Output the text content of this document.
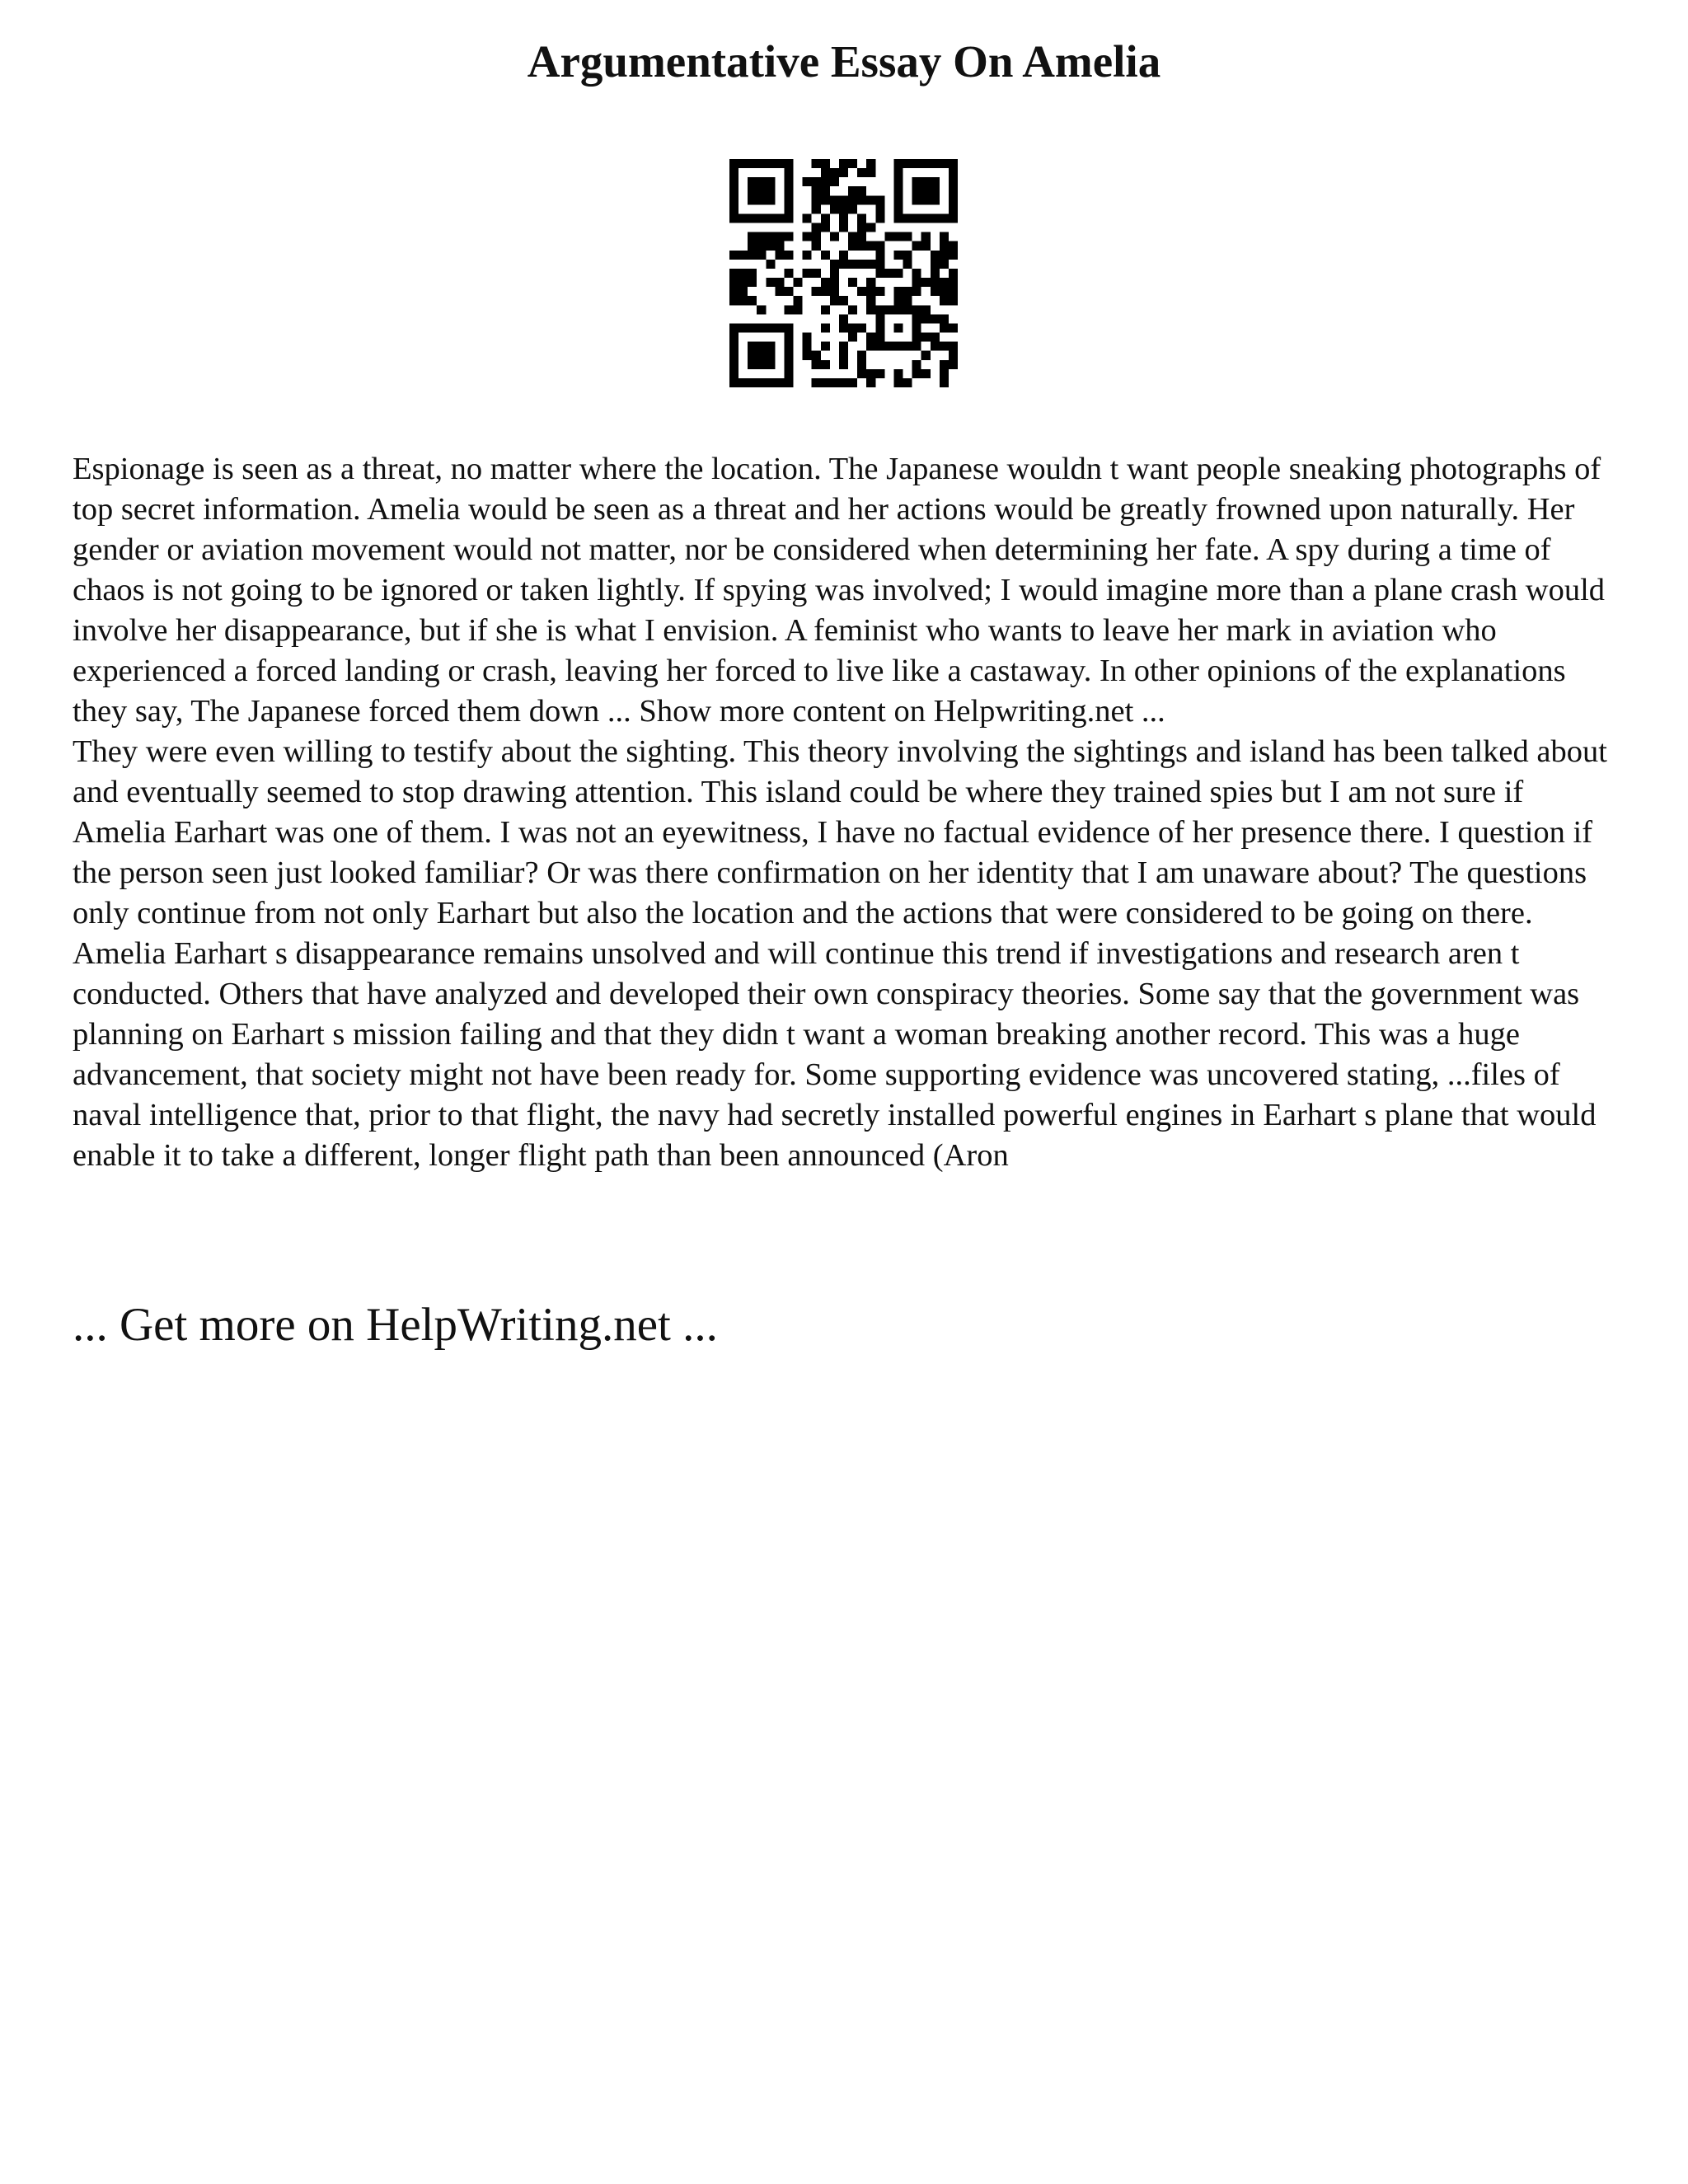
Argumentative Essay On Amelia

Espionage is seen as a threat, no matter where the location. The Japanese wouldn t want people sneaking photographs of top secret information. Amelia would be seen as a threat and her actions would be greatly frowned upon naturally. Her gender or aviation movement would not matter, nor be considered when determining her fate. A spy during a time of chaos is not going to be ignored or taken lightly. If spying was involved; I would imagine more than a plane crash would involve her disappearance, but if she is what I envision. A feminist who wants to leave her mark in aviation who experienced a forced landing or crash, leaving her forced to live like a castaway. In other opinions of the explanations they say, The Japanese forced them down ... Show more content on Helpwriting.net ...

They were even willing to testify about the sighting. This theory involving the sightings and island has been talked about and eventually seemed to stop drawing attention. This island could be where they trained spies but I am not sure if Amelia Earhart was one of them. I was not an eyewitness, I have no factual evidence of her presence there. I question if the person seen just looked familiar? Or was there confirmation on her identity that I am unaware about? The questions only continue from not only Earhart but also the location and the actions that were considered to be going on there. Amelia Earhart s disappearance remains unsolved and will continue this trend if investigations and research aren t conducted. Others that have analyzed and developed their own conspiracy theories. Some say that the government was planning on Earhart s mission failing and that they didn t want a woman breaking another record. This was a huge advancement, that society might not have been ready for. Some supporting evidence was uncovered stating, ...files of naval intelligence that, prior to that flight, the navy had secretly installed powerful engines in Earhart s plane that would enable it to take a different, longer flight path than been announced (Aron

... Get more on HelpWriting.net ...
